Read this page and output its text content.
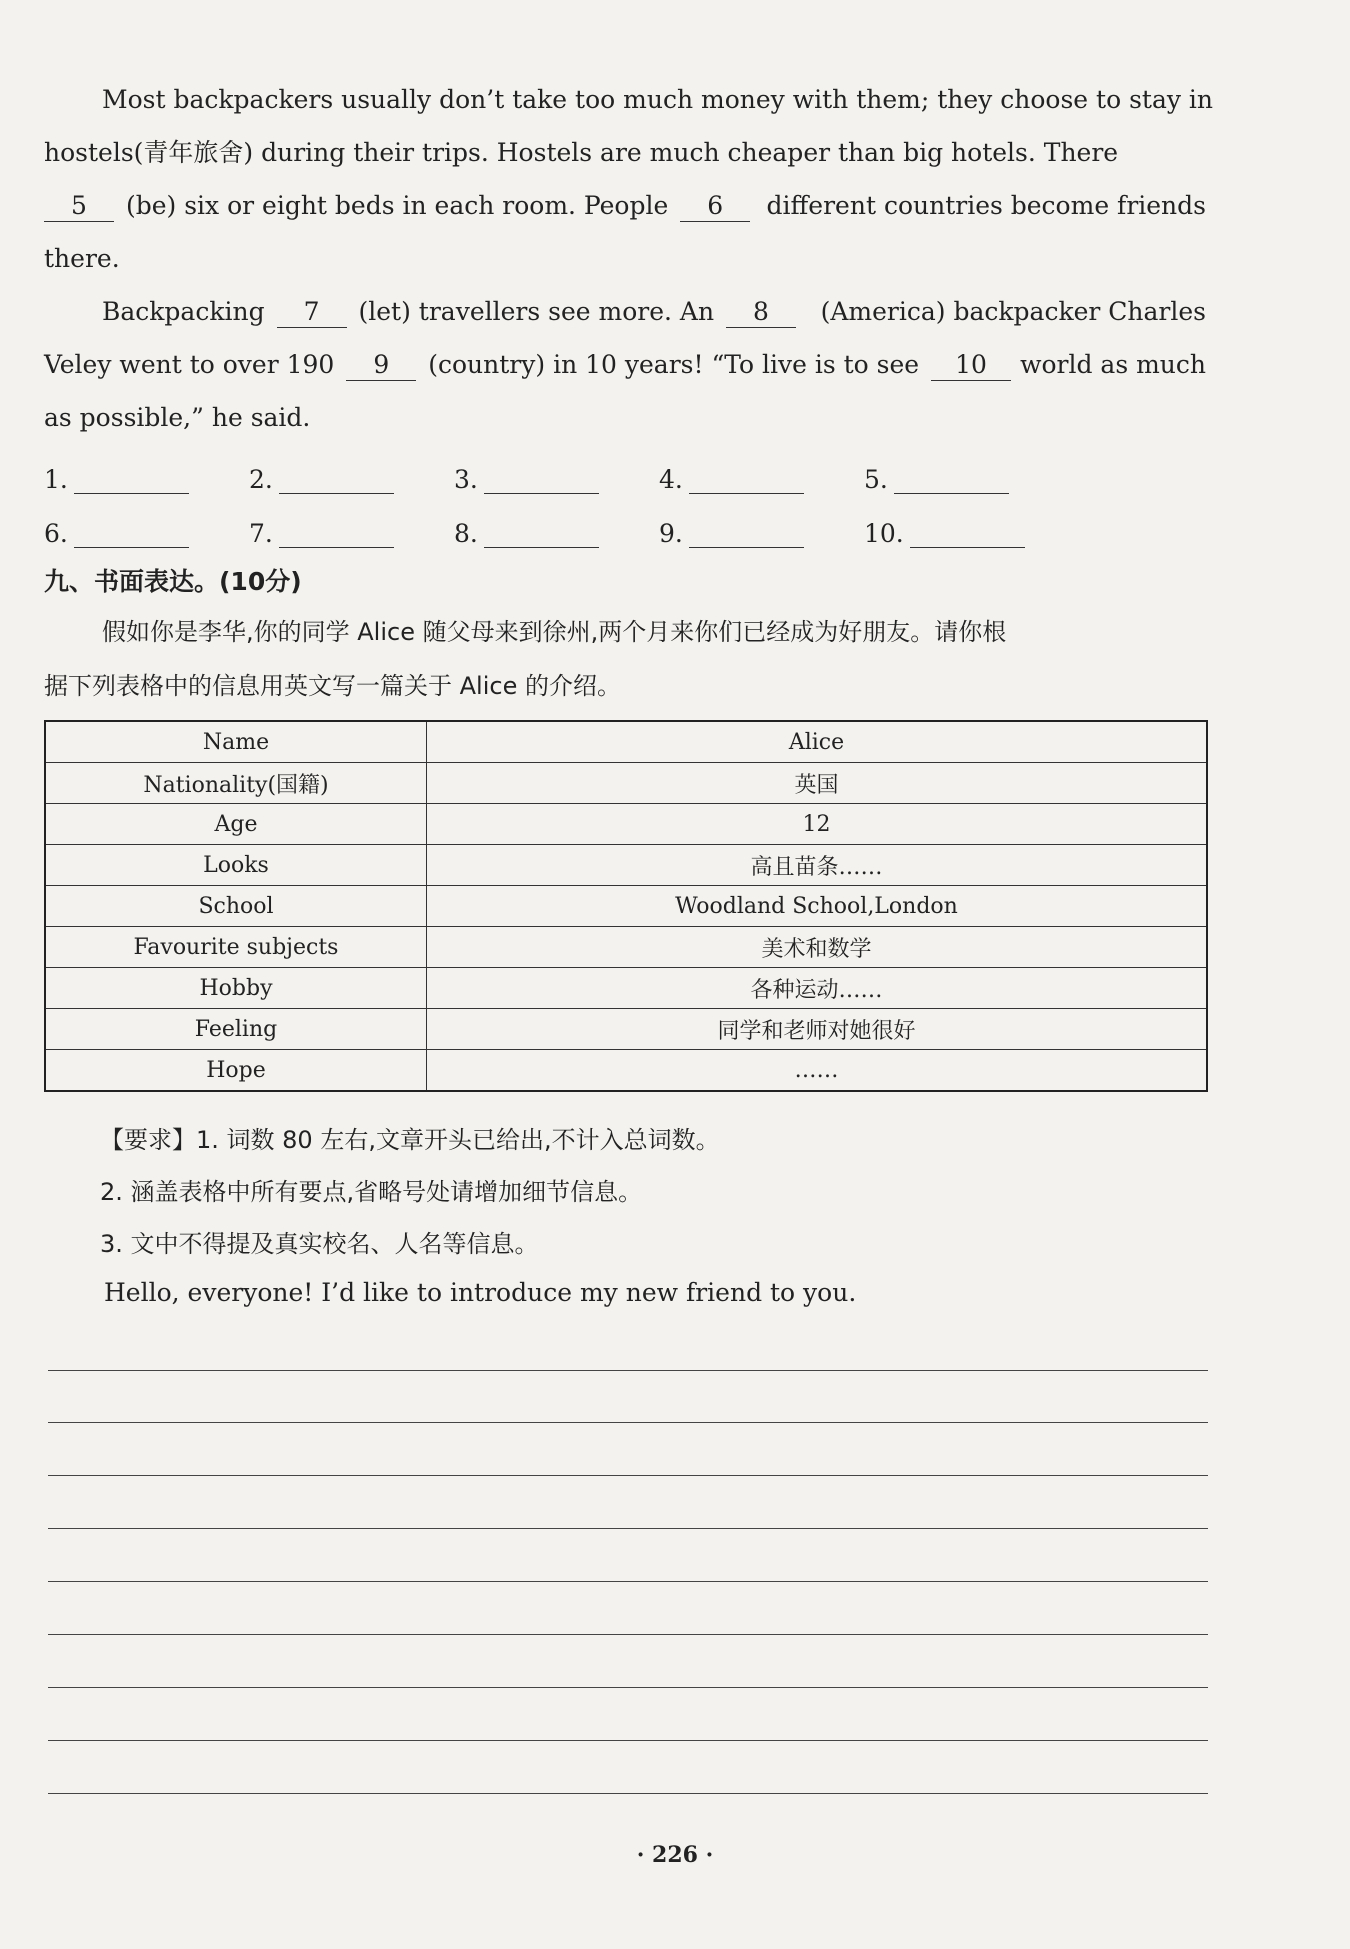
Most backpackers usually don’t take too much money with them; they choose to stay in
hostels(青年旅舍) during their trips. Hostels are much cheaper than big hotels. There
5 (be) six or eight beds in each room. People 6	different countries become friends
there.
Backpacking 7 (let) travellers see more. An 8	(America) backpacker Charles
Veley went to over 190 9 (country) in 10 years! “To live is to see 10	world as much
as possible,” he said.
1.	2.	3.	4.	5.
6.	7.	8.	9.	10.
九、书面表达。(10分)
假如你是李华,你的同学 Alice 随父母来到徐州,两个月来你们已经成为好朋友。请你根
据下列表格中的信息用英文写一篇关于 Alice 的介绍。
Name	Alice
Nationality(国籍)	英国
Age	12
Looks	高且苗条……
School	Woodland School,London
Favourite subjects	美术和数学
Hobby	各种运动……
Feeling	同学和老师对她很好
Hope	……
【要求】1. 词数 80 左右,文章开头已给出,不计入总词数。
2. 涵盖表格中所有要点,省略号处请增加细节信息。
3. 文中不得提及真实校名、人名等信息。
Hello, everyone! I’d like to introduce my new friend to you.
· 226 ·
